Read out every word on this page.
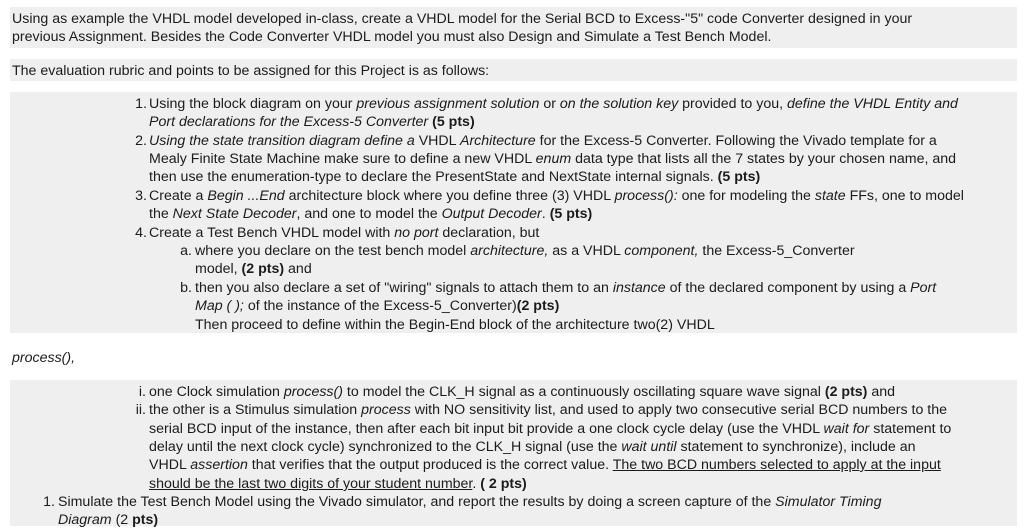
Using as example the VHDL model developed in-class, create a VHDL model for the Serial BCD to Excess-"5" code Converter designed in your
previous Assignment. Besides the Code Converter VHDL model you must also Design and Simulate a Test Bench Model.
The evaluation rubric and points to be assigned for this Project is as follows:
1. Using the block diagram on your previous assignment solution or on the solution key provided to you, define the VHDL Entity and
Port declarations for the Excess-5 Converter (5 pts)
2. Using the state transition diagram define a VHDL Architecture for the Excess-5 Converter. Following the Vivado template for a
Mealy Finite State Machine make sure to define a new VHDL enum data type that lists all the 7 states by your chosen name, and
then use the enumeration-type to declare the PresentState and NextState internal signals. (5 pts)
3. Create a Begin ...End architecture block where you define three (3) VHDL process(): one for modeling the state FFs, one to model
the Next State Decoder, and one to model the Output Decoder. (5 pts)
4. Create a Test Bench VHDL model with no port declaration, but
a. where you declare on the test bench model architecture, as a VHDL component, the Excess-5_Converter
model, (2 pts) and
b. then you also declare a set of "wiring" signals to attach them to an instance of the declared component by using a Port
Map ( ); of the instance of the Excess-5_Converter)(2 pts)
Then proceed to define within the Begin-End block of the architecture two(2) VHDL
process(),
i. one Clock simulation process() to model the CLK_H signal as a continuously oscillating square wave signal (2 pts) and
ii. the other is a Stimulus simulation process with NO sensitivity list, and used to apply two consecutive serial BCD numbers to the
serial BCD input of the instance, then after each bit input bit provide a one clock cycle delay (use the VHDL wait for statement to
delay until the next clock cycle) synchronized to the CLK_H signal (use the wait until statement to synchronize), include an
VHDL assertion that verifies that the output produced is the correct value. The two BCD numbers selected to apply at the input
should be the last two digits of your student number. ( 2 pts)
1. Simulate the Test Bench Model using the Vivado simulator, and report the results by doing a screen capture of the Simulator Timing
Diagram (2 pts)
